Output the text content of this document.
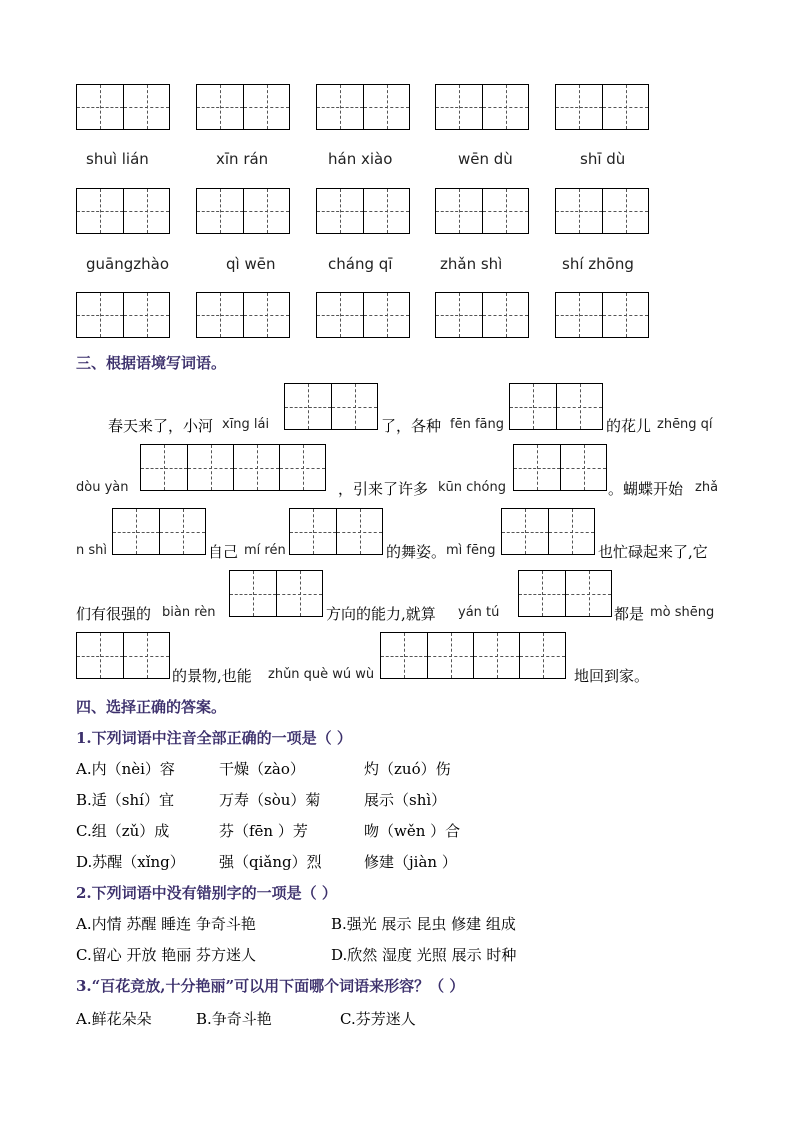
shuì lián	xīn rán	hán xiào	wēn dù	shī dù
guāngzhào	qì wēn	cháng qī	zhǎn shì	shí zhōng
三、根据语境写词语。
春天来了，小河 xīng lái	了，各种 fēn fāng	的花儿 zhēng qí
dòu yàn	，引来了许多 kūn chóng	。蝴蝶开始 zhǎ
n shì	自己 mí rén	的舞姿。 mì fēng	也忙碌起来了,它
们有很强的 biàn rèn	方向的能力,就算 yán tú	都是 mò shēng
的景物,也能 zhǔn què wú wù	地回到家。
四、选择正确的答案。
1.下列词语中注音全部正确的一项是（ ）
A.内（nèi）容	干燥（zào）	灼（zuó）伤
B.适（shí）宜	万寿（sòu）菊	展示（shì）
C.组（zǔ）成	芬（fēn ）芳	吻（wěn ）合
D.苏醒（xǐng） 强（qiǎng）烈	修建（jiàn ）
2.下列词语中没有错别字的一项是（ ）
A.内情 苏醒 睡连 争奇斗艳	B.强光 展示 昆虫 修建 组成
C.留心 开放 艳丽 芬方迷人	D.欣然 湿度 光照 展示 时种
3.“百花竞放,十分艳丽”可以用下面哪个词语来形容？（ ）
A.鲜花朵朵	B.争奇斗艳	C.芬芳迷人
